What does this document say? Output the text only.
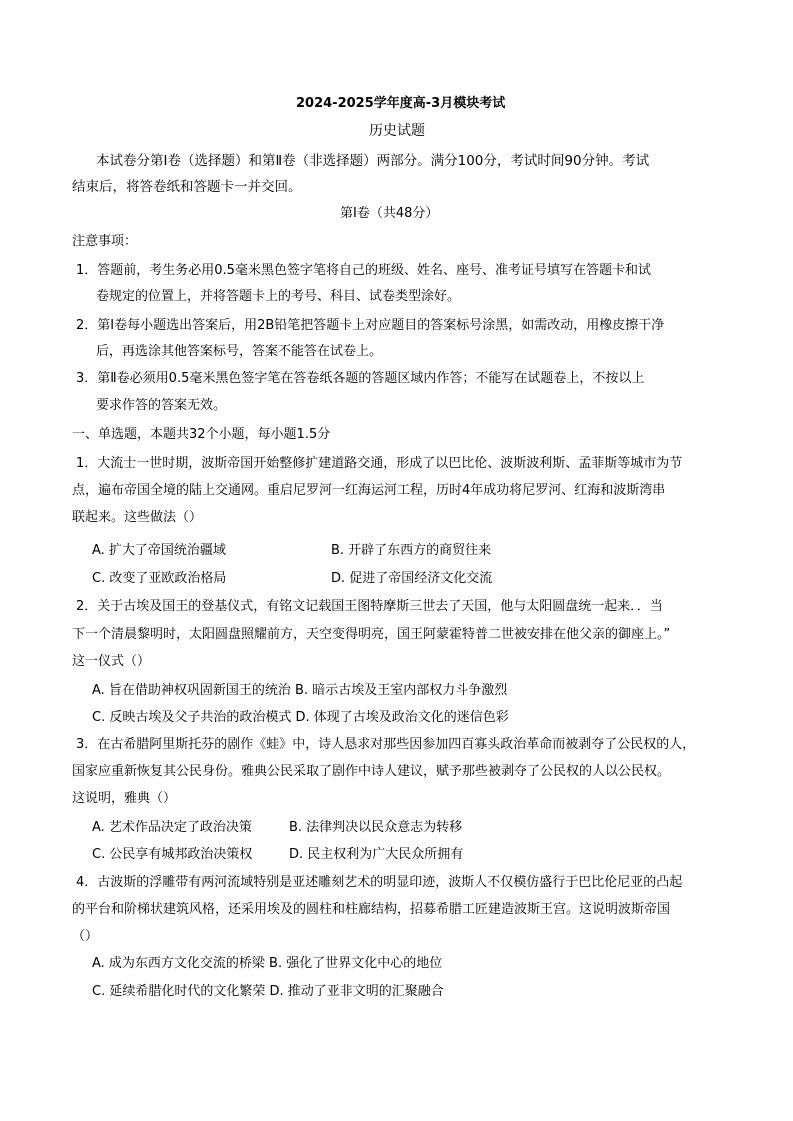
2024-2025学年度高-3月模块考试
历史试题
本试卷分第Ⅰ卷（选择题）和第Ⅱ卷（非选择题）两部分。满分100分，考试时间90分钟。考试
结束后，将答卷纸和答题卡一并交回。
第Ⅰ卷（共48分）
注意事项：
1．答题前，考生务必用0.5毫米黑色签字笔将自己的班级、姓名、座号、准考证号填写在答题卡和试
卷规定的位置上，并将答题卡上的考号、科目、试卷类型涂好。
2．第Ⅰ卷每小题选出答案后，用2B铅笔把答题卡上对应题目的答案标号涂黑，如需改动，用橡皮擦干净
后，再选涂其他答案标号，答案不能答在试卷上。
3．第Ⅱ卷必须用0.5毫米黑色签字笔在答卷纸各题的答题区域内作答；不能写在试题卷上，不按以上
要求作答的答案无效。
一、单选题，本题共32个小题，每小题1.5分
1．大流士一世时期，波斯帝国开始整修扩建道路交通，形成了以巴比伦、波斯波利斯、孟菲斯等城市为节
点，遍布帝国全境的陆上交通网。重启尼罗河一红海运河工程，历时4年成功将尼罗河、红海和波斯湾串
联起来。这些做法（）
A. 扩大了帝国统治疆域	B. 开辟了东西方的商贸往来
C. 改变了亚欧政治格局	D. 促进了帝国经济文化交流
2．关于古埃及国王的登基仪式，有铭文记载国王图特摩斯三世去了天国，他与太阳圆盘统一起来．．当
下一个清晨黎明时，太阳圆盘照耀前方，天空变得明亮，国王阿蒙霍特普二世被安排在他父亲的御座上。”
这一仪式（）
A. 旨在借助神权巩固新国王的统治 B. 暗示古埃及王室内部权力斗争激烈
C. 反映古埃及父子共治的政治模式 D. 体现了古埃及政治文化的迷信色彩
3．在古希腊阿里斯托芬的剧作《蛙》中，诗人恳求对那些因参加四百寡头政治革命而被剥夺了公民权的人，
国家应重新恢复其公民身份。雅典公民采取了剧作中诗人建议，赋予那些被剥夺了公民权的人以公民权。
这说明，雅典（）
A. 艺术作品决定了政治决策	B. 法律判决以民众意志为转移
C. 公民享有城邦政治决策权	D. 民主权利为广大民众所拥有
4．古波斯的浮雕带有两河流域特别是亚述雕刻艺术的明显印迹，波斯人不仅模仿盛行于巴比伦尼亚的凸起
的平台和阶梯状建筑风格，还采用埃及的圆柱和柱廊结构，招募希腊工匠建造波斯王宫。这说明波斯帝国
（）
A. 成为东西方文化交流的桥梁 B. 强化了世界文化中心的地位
C. 延续希腊化时代的文化繁荣 D. 推动了亚非文明的汇聚融合
